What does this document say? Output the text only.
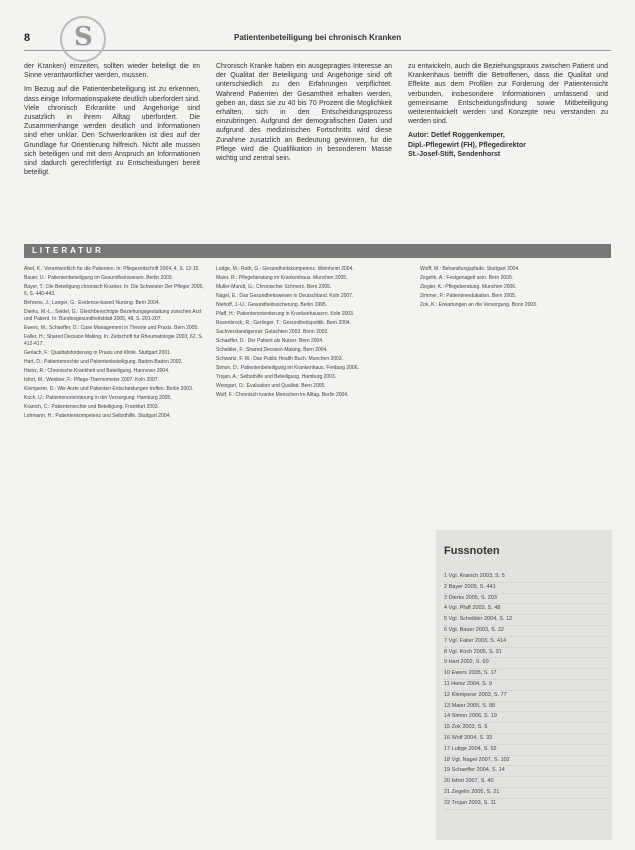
8	Patientenbeteiligung bei chronisch Kranken
S

der Kranken) einzeiten, sollten wieder beteiligt die im Sinne verantwortlicher werden, mussen.

Im Bezug auf die Patientenbeteiligung ist zu erkennen, dass einige Informationspakete deutlich uberfordert sind. Viele chronisch Erkrankte und Angehorige sind zusatzlich in ihrem Alltag uberfordert. Die Zusammenhange werden deutlich und Informationen sind eher unklar. Den Schwerkranken ist dies auf der Grundlage fur Orientierung hilfreich. Nicht alle mussen sich beteiligen und mit dem Anspruch an Informationen sind dadurch gerechtfertigt zu Entscheidungen bereit beteiligt.

Chronisch Kranke haben ein ausgepragtes Interesse an der Qualitat der Beteiligung und Angehorige sind oft unterschiedlich zu den Erfahrungen verpflichtet. Wahrend Patienten der Gesamtheit erhalten werden, geben an, dass sie zu 40 bis 70 Prozent die Moglichkeit erhalten, sich in den Entscheidungsprozess einzubringen. Aufgrund der demografischen Daten und aufgrund des medizinischen Fortschritts wird diese Zunahme zusatzlich an Bedeutung gewinnen, fur die Pflege wird die Qualifikation in besonderem Masse wichtig und zentral sein.

zu entwickeln, auch die Beziehungspraxis zwischen Patient und Krankenhaus betrifft die Betroffenen, dass die Qualitat und Effekte aus dem Profilen zur Forderung der Patientensicht verbunden, insbesondere Informationen umfassend und gemeinsame Entscheidungsfindung sowie Mitbeteiligung weiterentwickelt werden und Konzepte neu verstanden zu werden sind.

Autor: Detlef Roggenkemper,
Dipl.-Pflegewirt (FH), Pflegedirektor
St.-Josef-Stift, Sendenhorst
LITERATUR
Abel, K.: Verantwortlich fur die Patienten. In: Pflegezeitschrift 2004, 4, S. 12-15.
Bauer, U.: Patientenbeteiligung im Gesundheitswesen. Berlin 2003.
Bayer, T.: Die Beteiligung chronisch Kranker. In: Die Schwester Der Pfleger 2005, 6, S. 440-443.
Behrens, J.; Langer, G.: Evidence-based Nursing. Bern 2004.
Dierks, M.-L.; Seidel, G.: Gleichberechtigte Beziehungsgestaltung zwischen Arzt und Patient. In: Bundesgesundheitsblatt 2005, 48, S. 201-207.
Ewers, M.; Schaeffer, D.: Case Management in Theorie und Praxis. Bern 2005.
Faller, H.: Shared Decision Making. In: Zeitschrift fur Rheumatologie 2003, 62, S. 412-417.
Gerlach, F.: Qualitatsforderung in Praxis und Klinik. Stuttgart 2001.
Hart, D.: Patientenrechte und Patientenbeteiligung. Baden-Baden 2002.
Heinz, R.: Chronische Krankheit und Beteiligung. Hannover 2004.
Isfort, M.; Weidner, F.: Pflege-Thermometer 2007. Koln 2007.
Klemperer, D.: Wie Arzte und Patienten Entscheidungen treffen. Berlin 2003.
Koch, U.: Patientenorientierung in der Versorgung. Hamburg 2005.
Kranich, C.: Patientenrechte und Beteiligung. Frankfurt 2003.
Lohmann, H.: Patientenkompetenz und Selbsthilfe. Stuttgart 2004.
Luttge, M.; Roth, G.: Gesundheitskompetenz. Weinheim 2004.
Maier, R.: Pflegeberatung im Krankenhaus. Munchen 2005.
Muller-Mundt, G.: Chronischer Schmerz. Bern 2005.
Nagel, E.: Das Gesundheitswesen in Deutschland. Koln 2007.
Niehoff, J.-U.: Gesundheitssicherung. Berlin 1995.
Pfaff, H.: Patientenorientierung in Krankenhausern. Koln 2003.
Rosenbrock, R.; Gerlinger, T.: Gesundheitspolitik. Bern 2004.
Sachverstandigenrat: Gutachten 2003. Bonn 2003.
Schaeffer, D.: Der Patient als Nutzer. Bern 2004.
Scheibler, F.: Shared Decision-Making. Bern 2004.
Schwartz, F. W.: Das Public Health Buch. Munchen 2003.
Simon, D.: Patientenbeteiligung im Krankenhaus. Freiburg 2006.
Trojan, A.: Selbsthilfe und Beteiligung. Hamburg 2003.
Weingart, O.: Evaluation und Qualitat. Bern 2005.
Wolf, F.: Chronisch kranke Menschen im Alltag. Berlin 2004.
Wolff, M.: Behandlungspfade. Stuttgart 2004.
Zegelin, A.: Festgenagelt sein. Bern 2005.
Ziegler, K.: Pflegeberatung. Munchen 2006.
Zimmer, P.: Patientenedukation. Bern 2005.
Zok, K.: Erwartungen an die Versorgung. Bonn 2003.
Fussnoten
1 Vgl. Kranich 2003, S. 5
2 Bayer 2005, S. 441
3 Dierks 2005, S. 203
4 Vgl. Pfaff 2003, S. 48
5 Vgl. Scheibler 2004, S. 12
6 Vgl. Bauer 2003, S. 22
7 Vgl. Faller 2003, S. 414
8 Vgl. Koch 2005, S. 31
9 Hart 2002, S. 60
10 Ewers 2005, S. 17
11 Heinz 2004, S. 9
12 Klemperer 2003, S. 77
13 Maier 2005, S. 88
14 Simon 2006, S. 19
15 Zok 2003, S. 5
16 Wolf 2004, S. 33
17 Luttge 2004, S. 52
18 Vgl. Nagel 2007, S. 102
19 Schaeffer 2004, S. 14
20 Isfort 2007, S. 40
21 Zegelin 2005, S. 21
22 Trojan 2003, S. 11
